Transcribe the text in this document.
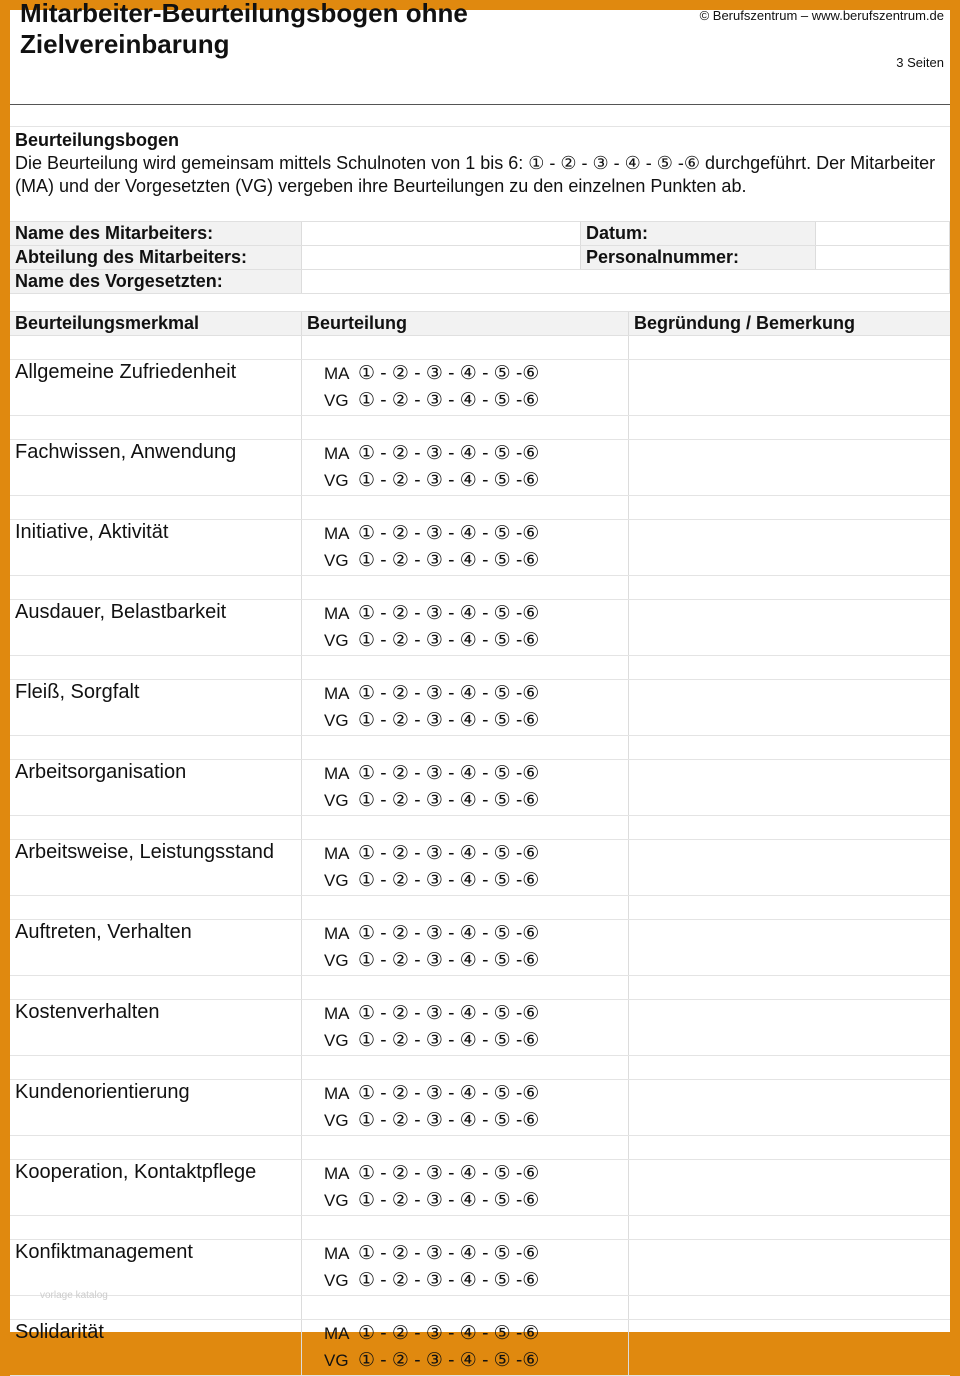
Mitarbeiter-Beurteilungsbogen ohne
Zielvereinbarung
© Berufszentrum – www.berufszentrum.de
3 Seiten
Beurteilungsbogen
Die Beurteilung wird gemeinsam mittels Schulnoten von 1 bis 6: ① - ② - ③ - ④ - ⑤ -⑥ durchgeführt. Der Mitarbeiter (MA) und der Vorgesetzten (VG) vergeben ihre Beurteilungen zu den einzelnen Punkten ab.
Name des Mitarbeiters:	Datum:
Abteilung des Mitarbeiters:	Personalnummer:
Name des Vorgesetzten:
Beurteilungsmerkmal	Beurteilung	Begründung / Bemerkung
Allgemeine Zufriedenheit	MA ① - ② - ③ - ④ - ⑤ -⑥
VG ① - ② - ③ - ④ - ⑤ -⑥
Fachwissen, Anwendung	MA ① - ② - ③ - ④ - ⑤ -⑥
VG ① - ② - ③ - ④ - ⑤ -⑥
Initiative, Aktivität	MA ① - ② - ③ - ④ - ⑤ -⑥
VG ① - ② - ③ - ④ - ⑤ -⑥
Ausdauer, Belastbarkeit	MA ① - ② - ③ - ④ - ⑤ -⑥
VG ① - ② - ③ - ④ - ⑤ -⑥
Fleiß, Sorgfalt	MA ① - ② - ③ - ④ - ⑤ -⑥
VG ① - ② - ③ - ④ - ⑤ -⑥
Arbeitsorganisation	MA ① - ② - ③ - ④ - ⑤ -⑥
VG ① - ② - ③ - ④ - ⑤ -⑥
Arbeitsweise, Leistungsstand	MA ① - ② - ③ - ④ - ⑤ -⑥
VG ① - ② - ③ - ④ - ⑤ -⑥
Auftreten, Verhalten	MA ① - ② - ③ - ④ - ⑤ -⑥
VG ① - ② - ③ - ④ - ⑤ -⑥
Kostenverhalten	MA ① - ② - ③ - ④ - ⑤ -⑥
VG ① - ② - ③ - ④ - ⑤ -⑥
Kundenorientierung	MA ① - ② - ③ - ④ - ⑤ -⑥
VG ① - ② - ③ - ④ - ⑤ -⑥
Kooperation, Kontaktpflege	MA ① - ② - ③ - ④ - ⑤ -⑥
VG ① - ② - ③ - ④ - ⑤ -⑥
Konfiktmanagement	MA ① - ② - ③ - ④ - ⑤ -⑥
VG ① - ② - ③ - ④ - ⑤ -⑥
Solidarität	MA ① - ② - ③ - ④ - ⑤ -⑥
VG ① - ② - ③ - ④ - ⑤ -⑥
vorlage katalog
